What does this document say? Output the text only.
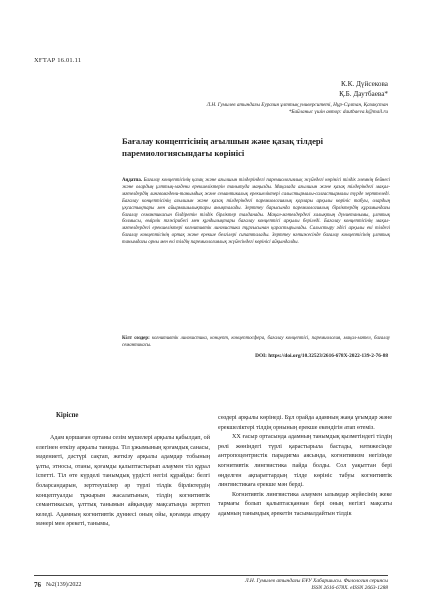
ХҒТАР 16.01.11
К.К. Дүйсекова
Қ.Б. Даутбаева*
Л.Н. Гумилев атындағы Еуразия ұлттық университеті, Нұр-Сұлтан, Қазақстан
*Байланыс үшін автор: dautbaeva.k@mail.ru
Бағалау концептісінің ағылшын және қазақ тілдері паремиологиясындағы көрінісі
Аңдатпа. Бағалау концептісінің қазақ және ағылшын тілдеріндегі паремиологиялық жүйедегі көрінісі тілдік әлемнің бейнесі және олардың ұлттық-мәдени ерекшеліктерін танытуда маңызды. Мақалада ағылшын және қазақ тілдеріндегі мақал-мәтелдердің лингвомәдени-танымдық және семантикалық ерекшеліктері салыстырмалы-салғастырмалы түрде зерттеледі. Бағалау концептісінің ағылшын және қазақ тілдеріндегі паремиологиялық қорлары арқылы көрініс табуы, олардың ұқсастықтары мен айырмашылықтары анықталады. Зерттеу барысында паремиологиялық бірліктердің құрамындағы бағалау семантикасын білдіретін тілдік бірліктер талданады. Мақал-мәтелдердегі халықтың дүниетанымы, ұлттық болмысы, өмірлік тәжірибесі мен құндылықтары бағалау концептісі арқылы беріледі. Бағалау концептісінің мақал-мәтелдердегі ерекшеліктері когнитивтік лингвистика тұрғысынан қарастырылады. Салыстыру әдісі арқылы екі тілдегі бағалау концептісінің ортақ және ерекше белгілері сипатталады. Зерттеу нәтижесінде бағалау концептісінің ұлттық танымдағы орны мен екі тілдің паремиологиялық жүйесіндегі көрінісі айқындалды.
Кілт сөздер: когнитивтік лингвистика, концепт, концептосфера, бағалау концептісі, паремиология, мақал-мәтел, бағалау семантикасы.
DOI: https://doi.org/10.32523/2616-678X-2022-139-2-76-88
Кіріспе

Адам қоршаған ортаны сезім мүшелері арқылы қабылдап, ой елегінен өткізу арқылы таниды. Тіл ұжымының қоғамдық санасы, мәдениеті, дәстүрі сақтап, жеткізу арқылы адамдар тобының ұлты, этносы, отаны, қоғамды қалыптастырып алаумен тіл құрал іспетті. Тіл өте күрделі танымдық үрдісті негізі құрайды: белгі боларсандарын, зерттеушілер әр түрлі тілдік бірліктердің концептуалды тұжырым жасалатынын, тілдің когнитивтік семантикасын, ұлттық танымын айқындау мақсатында зерттеп келеді. Адамның когнитивтік дүниесі оның ойы, қоғамда атқару мәнері мен әрекеті, танымы,

сөздері арқылы көрінеді. Бұл орайда адамның жаңа ұғымдар және ерекшеліктері тілдің орнының ерекше екендігін атап өтеміз.

ХХ ғасыр ортасында адамның танымдық қызметіндегі тілдің рөлі жөніндегі түрлі қарастырыла бастады, нәтижесінде антропоцентристік парадигма аясында, когнитивизм негізінде когнитивтік лингвистика пайда болды. Сол уақыттан бері өңделген ақпараттардың тілде көрініс табуы когнитивтік лингвистикаға ерекше мән берді.

Когнитивтік лингвистика алаумен ылымдар жүйесінің жеке тармағы болып қалыптасқаннан бері оның негізгі мақсаты адамның танымдық әрекетін тасымалдайтын тілдік

76 №2(139)/2022
Л.Н. Гумилев атындағы ЕҰУ Хабаршысы. Филология сериясы
ISSN 2616-678X. eISSN 2663-1288
